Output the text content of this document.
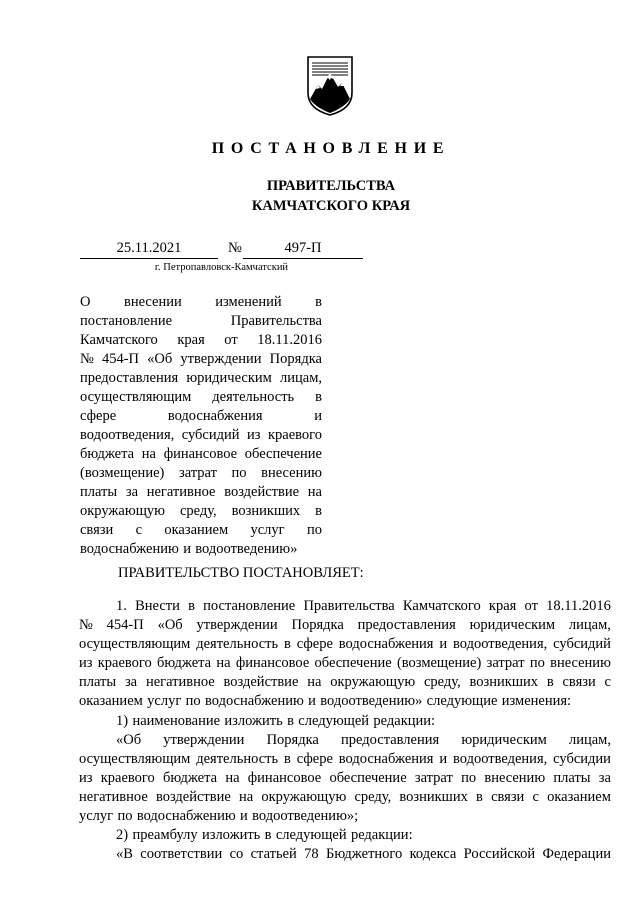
ПОСТАНОВЛЕНИЕ
ПРАВИТЕЛЬСТВА
КАМЧАТСКОГО КРАЯ
25.11.2021	№	497-П
г. Петропавловск-Камчатский
О внесении изменений в
постановление	Правительства
Камчатского края от 18.11.2016
№ 454-П «Об утверждении Порядка
предоставления юридическим лицам,
осуществляющим деятельность в
сфере	водоснабжения	и
водоотведения, субсидий из краевого
бюджета на финансовое обеспечение
(возмещение) затрат по внесению
платы за негативное воздействие на
окружающую среду, возникших в
связи с оказанием услуг по
водоснабжению и водоотведению»
ПРАВИТЕЛЬСТВО ПОСТАНОВЛЯЕТ:
1. Внести в постановление Правительства Камчатского края от 18.11.2016
№ 454-П «Об утверждении Порядка предоставления юридическим лицам,
осуществляющим деятельность в сфере водоснабжения и водоотведения, субсидий
из краевого бюджета на финансовое обеспечение (возмещение) затрат по внесению
платы за негативное воздействие на окружающую среду, возникших в связи с
оказанием услуг по водоснабжению и водоотведению» следующие изменения:
1) наименование изложить в следующей редакции:
«Об утверждении Порядка предоставления юридическим лицам,
осуществляющим деятельность в сфере водоснабжения и водоотведения, субсидии
из краевого бюджета на финансовое обеспечение затрат по внесению платы за
негативное воздействие на окружающую среду, возникших в связи с оказанием
услуг по водоснабжению и водоотведению»;
2) преамбулу изложить в следующей редакции:
«В соответствии со статьей 78 Бюджетного кодекса Российской Федерации
